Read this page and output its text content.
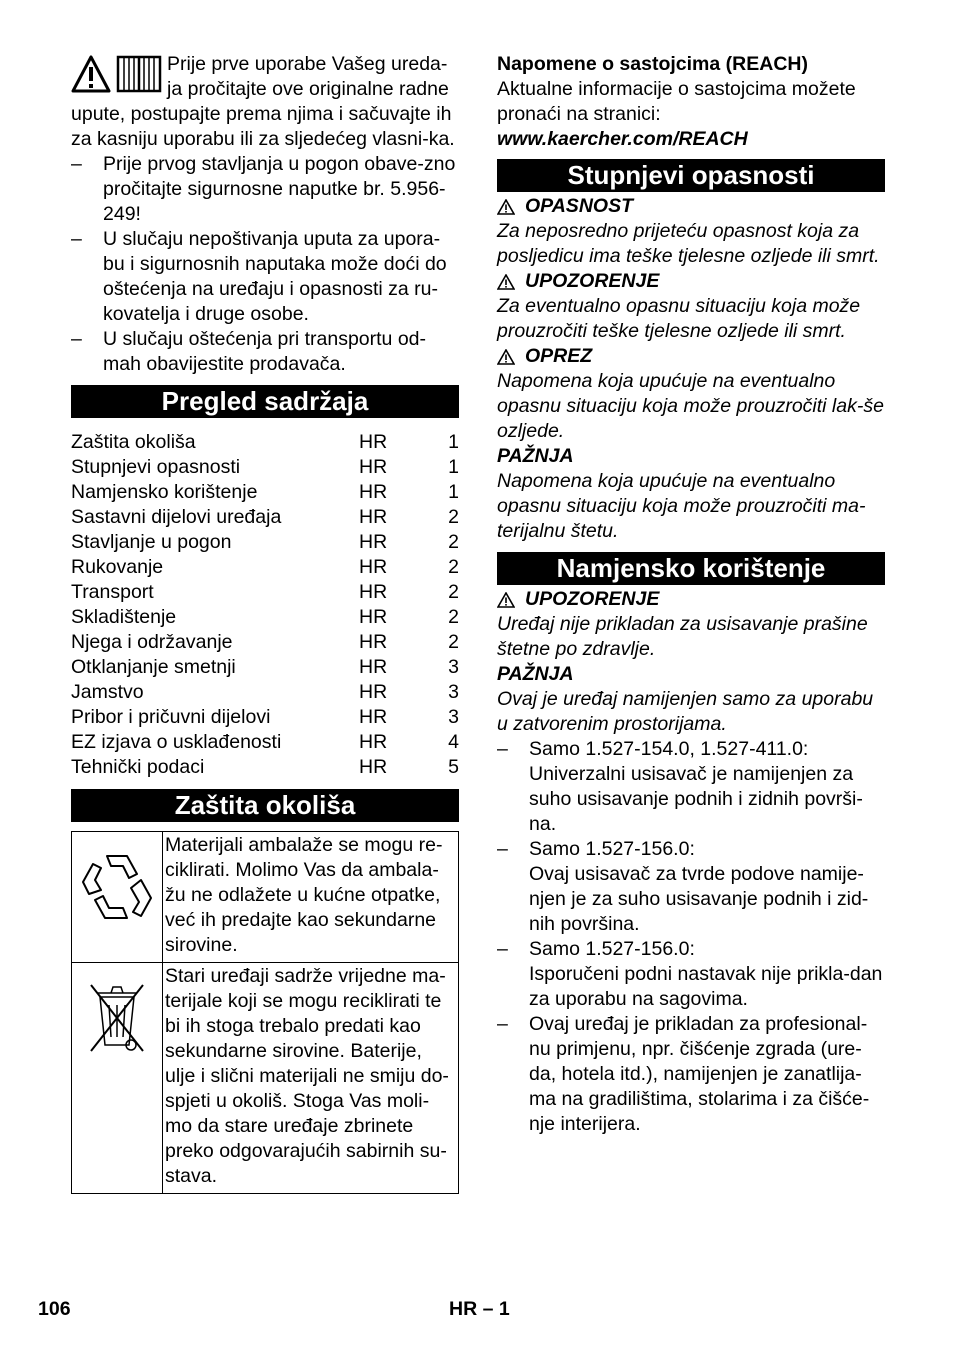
Prije prve uporabe Vašeg ureda-ja pročitajte ove originalne radne upute, postupajte prema njima i sačuvajte ih za kasniju uporabu ili za sljedećeg vlasni-ka.

– Prije prvog stavljanja u pogon obave-zno pročitajte sigurnosne naputke br. 5.956-249!
– U slučaju nepoštivanja uputa za upora-bu i sigurnosnih naputaka može doći do oštećenja na uređaju i opasnosti za ru-kovatelja i druge osobe.
– U slučaju oštećenja pri transportu od-mah obavijestite prodavača.
Pregled sadržaja
Zaštita okoliša	HR	1
Stupnjevi opasnosti	HR	1
Namjensko korištenje	HR	1
Sastavni dijelovi uređaja	HR	2
Stavljanje u pogon	HR	2
Rukovanje	HR	2
Transport	HR	2
Skladištenje	HR	2
Njega i održavanje	HR	2
Otklanjanje smetnji	HR	3
Jamstvo	HR	3
Pribor i pričuvni dijelovi	HR	3
EZ izjava o usklađenosti	HR	4
Tehnički podaci	HR	5
Zaštita okoliša
	Materijali ambalaže se mogu re-ciklirati. Molimo Vas da ambala-žu ne odlažete u kućne otpatke, već ih predajte kao sekundarne sirovine.
	Stari uređaji sadrže vrijedne ma-terijale koji se mogu reciklirati te bi ih stoga trebalo predati kao sekundarne sirovine. Baterije, ulje i slični materijali ne smiju do-spjeti u okoliš. Stoga Vas moli-mo da stare uređaje zbrinete preko odgovarajućih sabirnih su-stava.

Napomene o sastojcima (REACH)

Aktualne informacije o sastojcima možete pronaći na stranici:

www.kaercher.com/REACH

Stupnjevi opasnosti
OPASNOST

Za neposredno prijeteću opasnost koja za posljedicu ima teške tjelesne ozljede ili smrt.

UPOZORENJE

Za eventualno opasnu situaciju koja može prouzročiti teške tjelesne ozljede ili smrt.

OPREZ

Napomena koja upućuje na eventualno opasnu situaciju koja može prouzročiti lak-še ozljede.

PAŽNJA

Napomena koja upućuje na eventualno opasnu situaciju koja može prouzročiti ma-terijalnu štetu.

Namjensko korištenje
UPOZORENJE

Uređaj nije prikladan za usisavanje prašine štetne po zdravlje.

PAŽNJA

Ovaj je uređaj namijenjen samo za uporabu u zatvorenim prostorijama.

– Samo 1.527-154.0, 1.527-411.0:
Univerzalni usisavač je namijenjen za suho usisavanje podnih i zidnih površi-na.
– Samo 1.527-156.0:
Ovaj usisavač za tvrde podove namije-njen je za suho usisavanje podnih i zid-nih površina.
– Samo 1.527-156.0:
Isporučeni podni nastavak nije prikla-dan za uporabu na sagovima.
– Ovaj uređaj je prikladan za profesional-nu primjenu, npr. čišćenje zgrada (ure-da, hotela itd.), namijenjen je zanatlija-ma na gradilištima, stolarima i za čišće-nje interijera.
106	HR – 1
